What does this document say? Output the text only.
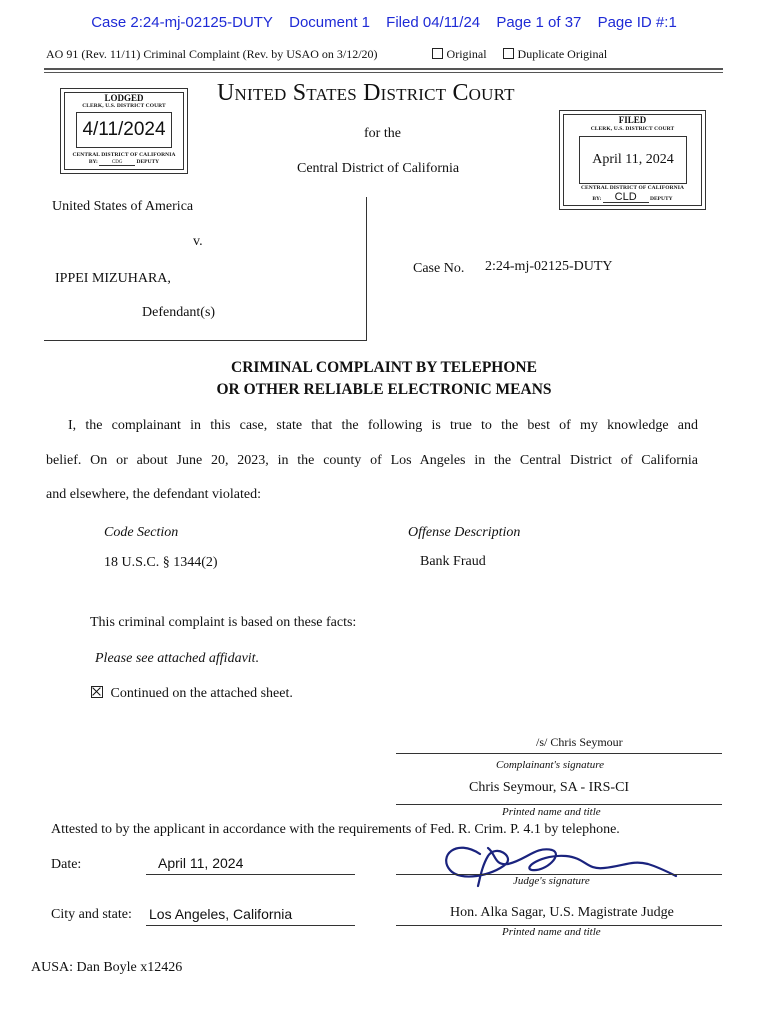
Case 2:24-mj-02125-DUTY Document 1 Filed 04/11/24 Page 1 of 37 Page ID #:1
AO 91 (Rev. 11/11) Criminal Complaint (Rev. by USAO on 3/12/20)	Original	Duplicate Original
LODGED
CLERK, U.S. DISTRICT COURT
4/11/2024
CENTRAL DISTRICT OF CALIFORNIA
BY:	CDG	DEPUTY
United States District Court
for the
Central District of California
FILED
CLERK, U.S. DISTRICT COURT
April 11, 2024
CENTRAL DISTRICT OF CALIFORNIA
BY: CLD DEPUTY
United States of America
v.
IPPEI MIZUHARA,
Defendant(s)
Case No. 2:24-mj-02125-DUTY
CRIMINAL COMPLAINT BY TELEPHONE
OR OTHER RELIABLE ELECTRONIC MEANS
I, the complainant in this case, state that the following is true to the best of my knowledge and
belief. On or about June 20, 2023, in the county of Los Angeles in the Central District of California
and elsewhere, the defendant violated:
Code Section	Offense Description
18 U.S.C. § 1344(2)	Bank Fraud
This criminal complaint is based on these facts:
Please see attached affidavit.
Continued on the attached sheet.
/s/ Chris Seymour
Complainant's signature
Chris Seymour, SA - IRS-CI
Printed name and title
Attested to by the applicant in accordance with the requirements of Fed. R. Crim. P. 4.1 by telephone.
Date:	April 11, 2024
Judge's signature
City and state: Los Angeles, California	Hon. Alka Sagar, U.S. Magistrate Judge
Printed name and title
AUSA: Dan Boyle x12426
